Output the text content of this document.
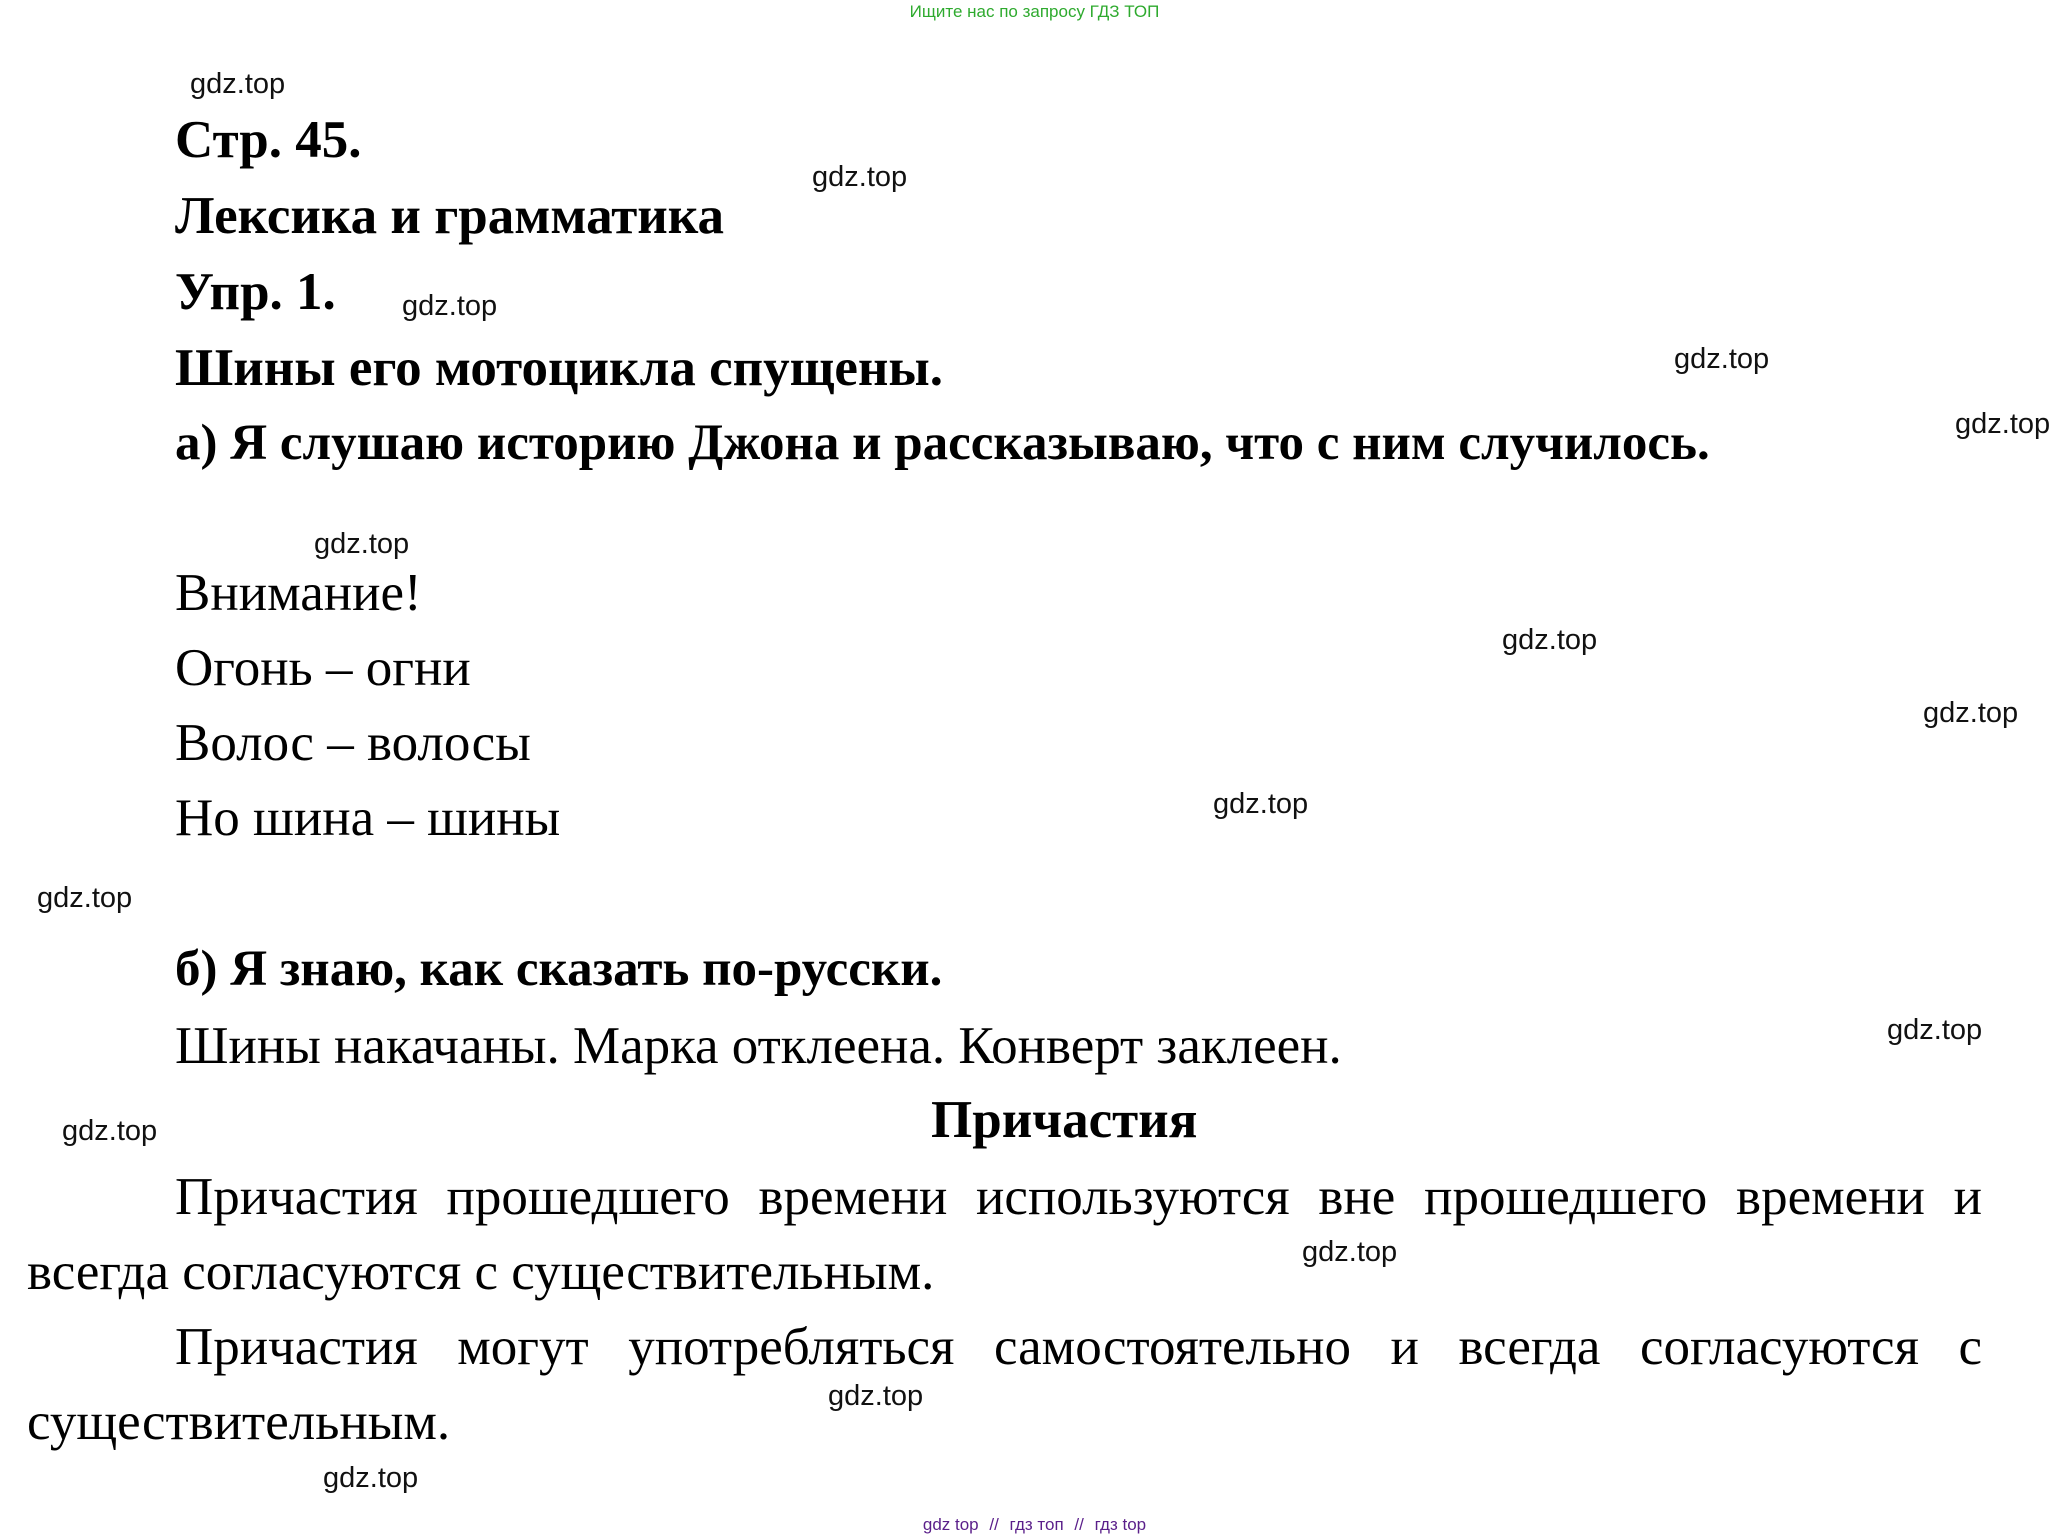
Ищите нас по запросу ГДЗ ТОП
gdz.top
gdz.top
gdz.top
gdz.top
gdz.top
gdz.top
gdz.top
gdz.top
gdz.top
gdz.top
gdz.top
gdz.top
gdz.top
gdz.top
gdz.top
Стр. 45.
Лексика и грамматика
Упр. 1.
Шины его мотоцикла спущены.
а) Я слушаю историю Джона и рассказываю, что с ним случилось.
Внимание!
Огонь – огни
Волос – волосы
Но шина – шины
б) Я знаю, как сказать по-русски.
Шины накачаны. Марка отклеена. Конверт заклеен.
Причастия
Причастия прошедшего времени используются вне прошедшего времени и всегда согласуются с существительным.
Причастия могут употребляться самостоятельно и всегда согласуются с существительным.
gdz top // гдз топ // гдз top
